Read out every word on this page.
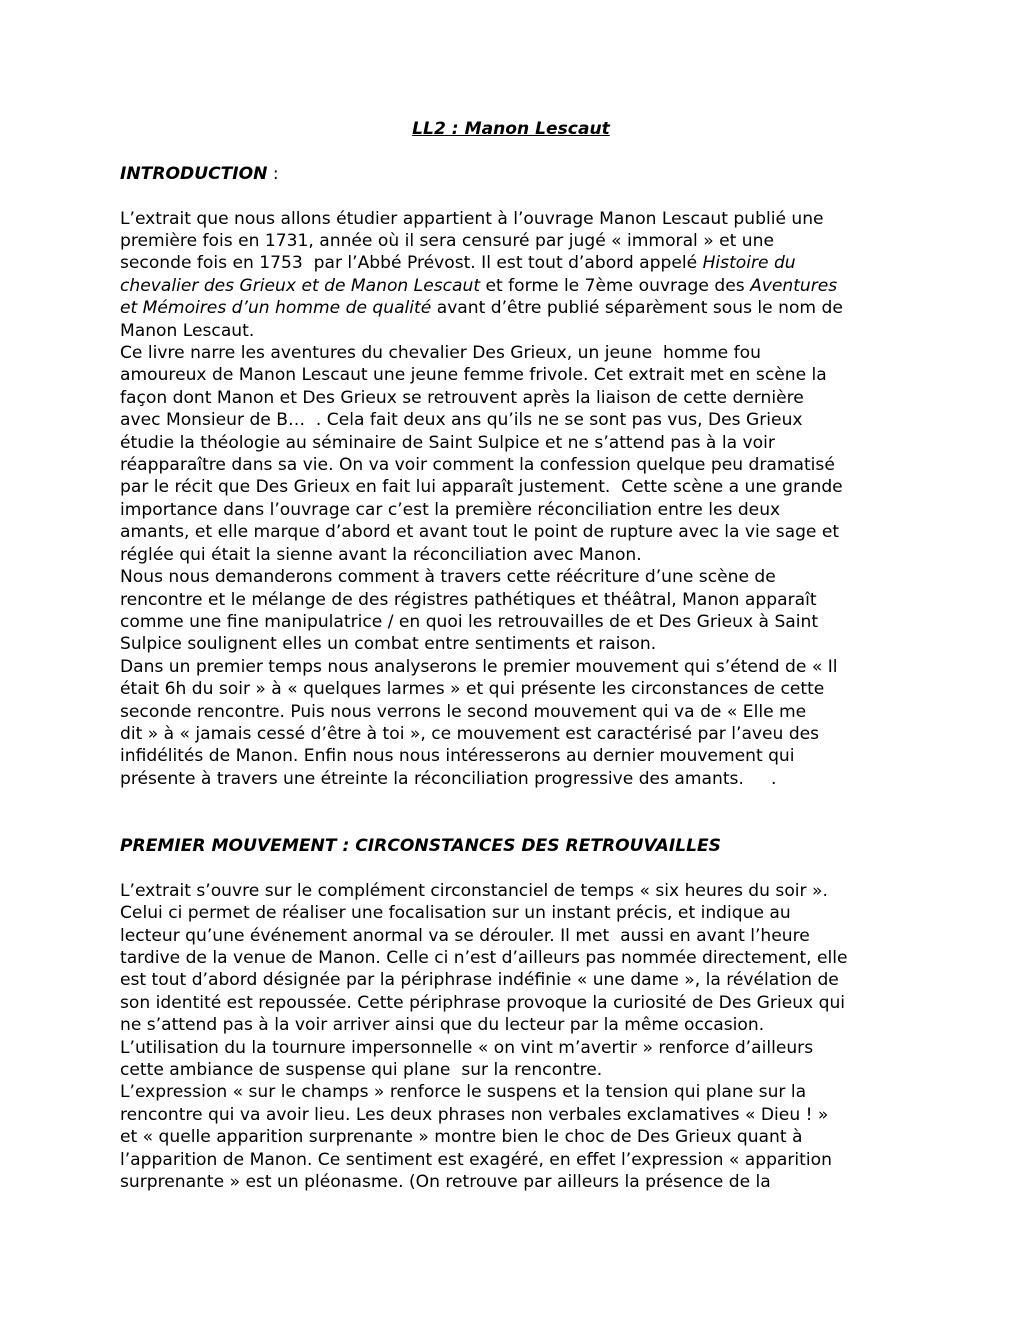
LL2 : Manon Lescaut

INTRODUCTION :

L’extrait que nous allons étudier appartient à l’ouvrage Manon Lescaut publié une
première fois en 1731, année où il sera censuré par jugé « immoral » et une
seconde fois en 1753  par l’Abbé Prévost. Il est tout d’abord appelé Histoire du
chevalier des Grieux et de Manon Lescaut et forme le 7ème ouvrage des Aventures
et Mémoires d’un homme de qualité avant d’être publié séparèment sous le nom de
Manon Lescaut.
Ce livre narre les aventures du chevalier Des Grieux, un jeune  homme fou
amoureux de Manon Lescaut une jeune femme frivole. Cet extrait met en scène la
façon dont Manon et Des Grieux se retrouvent après la liaison de cette dernière
avec Monsieur de B…  . Cela fait deux ans qu’ils ne se sont pas vus, Des Grieux
étudie la théologie au séminaire de Saint Sulpice et ne s’attend pas à la voir
réapparaître dans sa vie. On va voir comment la confession quelque peu dramatisé
par le récit que Des Grieux en fait lui apparaît justement.  Cette scène a une grande
importance dans l’ouvrage car c’est la première réconciliation entre les deux
amants, et elle marque d’abord et avant tout le point de rupture avec la vie sage et
réglée qui était la sienne avant la réconciliation avec Manon.
Nous nous demanderons comment à travers cette réécriture d’une scène de
rencontre et le mélange de des régistres pathétiques et théâtral, Manon apparaît
comme une fine manipulatrice / en quoi les retrouvailles de et Des Grieux à Saint
Sulpice soulignent elles un combat entre sentiments et raison.
Dans un premier temps nous analyserons le premier mouvement qui s’étend de « Il
était 6h du soir » à « quelques larmes » et qui présente les circonstances de cette
seconde rencontre. Puis nous verrons le second mouvement qui va de « Elle me
dit » à « jamais cessé d’être à toi », ce mouvement est caractérisé par l’aveu des
infidélités de Manon. Enfin nous nous intéresserons au dernier mouvement qui
présente à travers une étreinte la réconciliation progressive des amants.     .

PREMIER MOUVEMENT : CIRCONSTANCES DES RETROUVAILLES

L’extrait s’ouvre sur le complément circonstanciel de temps « six heures du soir ».
Celui ci permet de réaliser une focalisation sur un instant précis, et indique au
lecteur qu’une événement anormal va se dérouler. Il met  aussi en avant l’heure
tardive de la venue de Manon. Celle ci n’est d’ailleurs pas nommée directement, elle
est tout d’abord désignée par la périphrase indéfinie « une dame », la révélation de
son identité est repoussée. Cette périphrase provoque la curiosité de Des Grieux qui
ne s’attend pas à la voir arriver ainsi que du lecteur par la même occasion.
L’utilisation du la tournure impersonnelle « on vint m’avertir » renforce d’ailleurs
cette ambiance de suspense qui plane  sur la rencontre.
L’expression « sur le champs » renforce le suspens et la tension qui plane sur la
rencontre qui va avoir lieu. Les deux phrases non verbales exclamatives « Dieu ! »
et « quelle apparition surprenante » montre bien le choc de Des Grieux quant à
l’apparition de Manon. Ce sentiment est exagéré, en effet l’expression « apparition
surprenante » est un pléonasme. (On retrouve par ailleurs la présence de la
